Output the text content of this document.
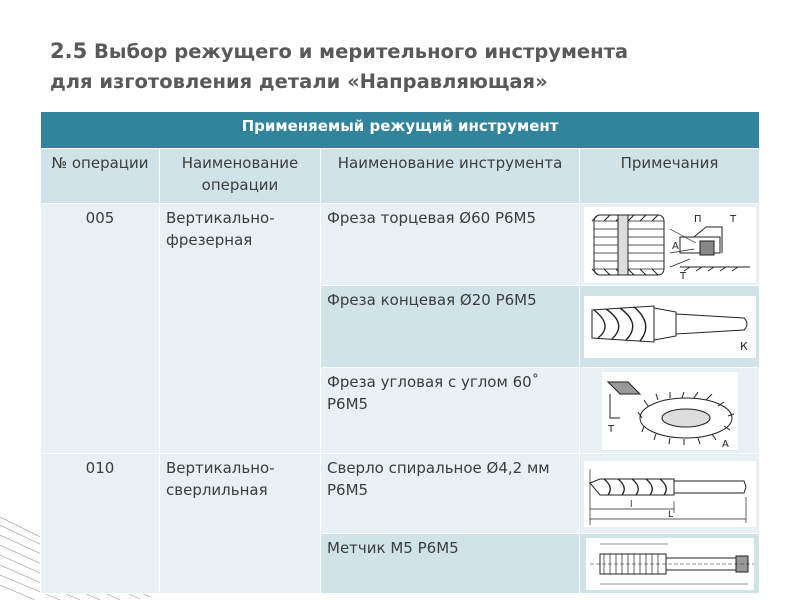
2.5 Выбор режущего и мерительного инструмента
для изготовления детали «Направляющая»
Применяемый режущий инструмент			
№ операции	Наименование операции	Наименование инструмента	Примечания
005	Вертикально-фрезерная	Фреза торцевая Ø60 Р6М5	П Т
А
Т

		Фреза концевая Ø20 Р6М5	К

		Фреза угловая с углом 60˚ Р6М5	Т
А

010	Вертикально-сверлильная	Сверло спиральное Ø4,2 мм Р6М5	l
L

		Метчик М5 Р6М5	
